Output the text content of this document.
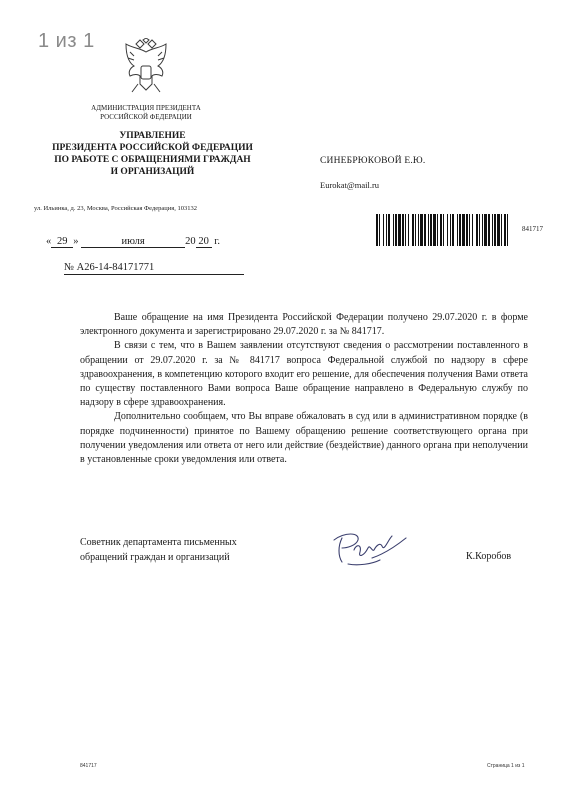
1 из 1
АДМИНИСТРАЦИЯ ПРЕЗИДЕНТА
РОССИЙСКОЙ ФЕДЕРАЦИИ
УПРАВЛЕНИЕ
ПРЕЗИДЕНТА РОССИЙСКОЙ ФЕДЕРАЦИИ
ПО РАБОТЕ С ОБРАЩЕНИЯМИ ГРАЖДАН
И ОРГАНИЗАЦИЙ
ул. Ильинка, д. 23, Москва, Российская Федерация, 103132
СИНЕБРЮКОВОЙ Е.Ю.
Eurokat@mail.ru
841717
« 29 »	июля	20 20 г.
№ А26-14-84171771

Ваше обращение на имя Президента Российской Федерации получено 29.07.2020 г. в форме электронного документа и зарегистрировано 29.07.2020 г. за № 841717.

В связи с тем, что в Вашем заявлении отсутствуют сведения о рассмотрении поставленного в обращении от 29.07.2020 г. за № 841717 вопроса Федеральной службой по надзору в сфере здравоохранения, в компетенцию которого входит его решение, для обеспечения получения Вами ответа по существу поставленного Вами вопроса Ваше обращение направлено в Федеральную службу по надзору в сфере здравоохранения.

Дополнительно сообщаем, что Вы вправе обжаловать в суд или в административном порядке (в порядке подчиненности) принятое по Вашему обращению решение соответствующего органа при получении уведомления или ответа от него или действие (бездействие) данного органа при неполучении в установленные сроки уведомления или ответа.

Советник департамента письменных
обращений граждан и организаций	К.Коробов
841717	Страница 1 из 1
